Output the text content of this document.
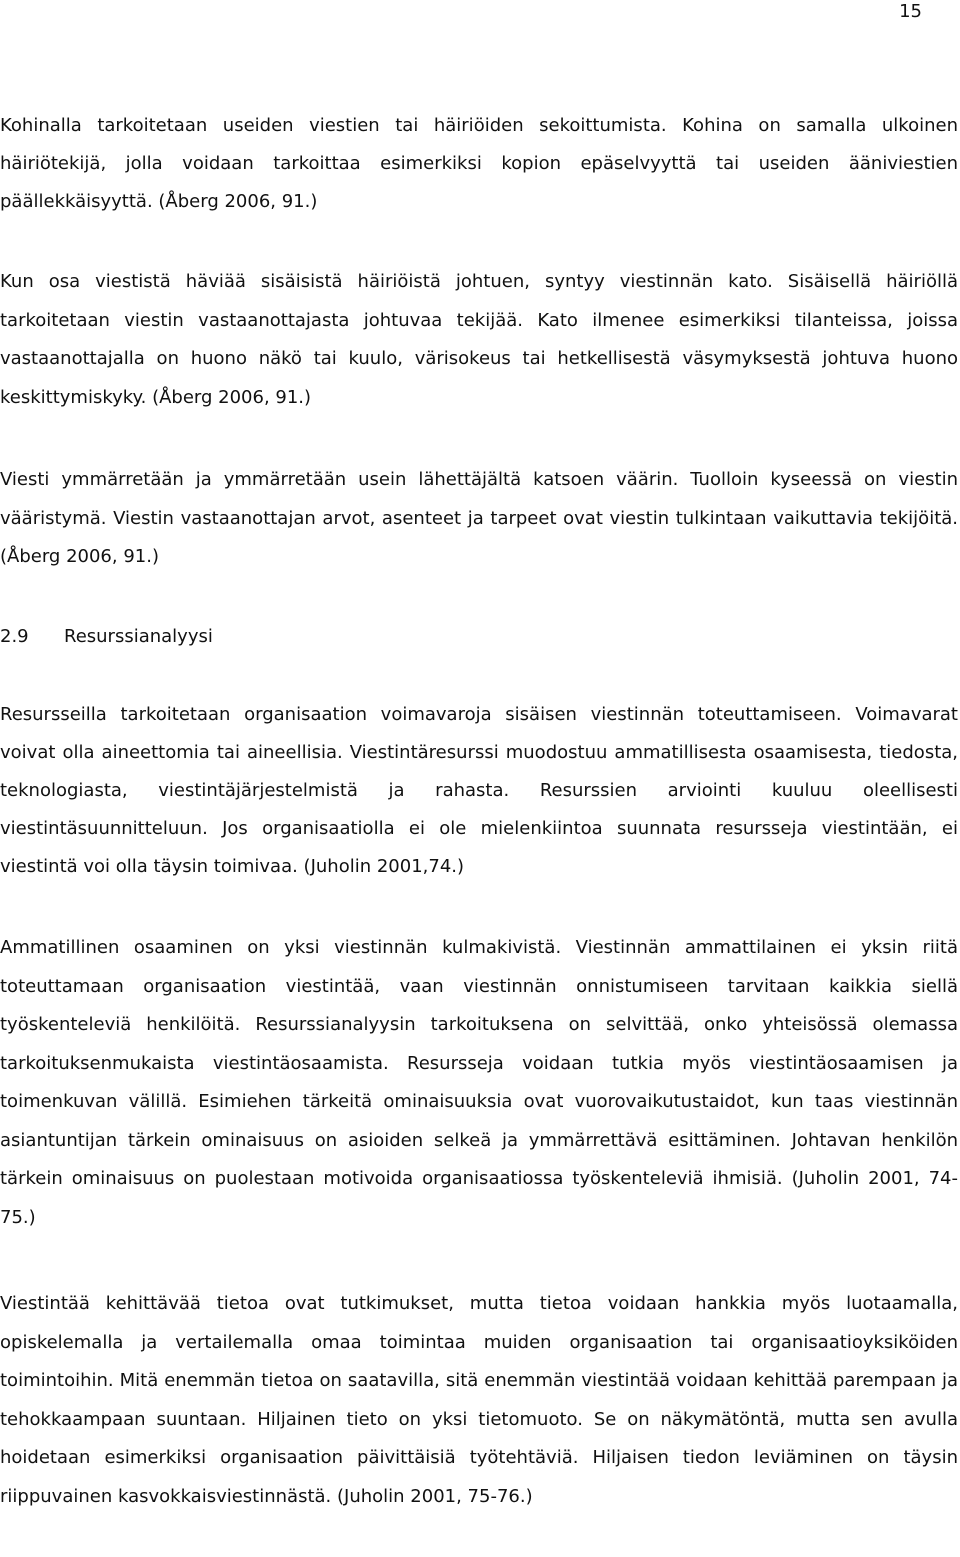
15

Kohinalla tarkoitetaan useiden viestien tai häiriöiden sekoittumista. Kohina on samalla ulkoinen häiriötekijä, jolla voidaan tarkoittaa esimerkiksi kopion epäselvyyttä tai useiden ääniviestien päällekkäisyyttä. (Åberg 2006, 91.)

Kun osa viestistä häviää sisäisistä häiriöistä johtuen, syntyy viestinnän kato. Sisäisellä häiriöllä tarkoitetaan viestin vastaanottajasta johtuvaa tekijää. Kato ilmenee esimerkiksi tilanteissa, joissa vastaanottajalla on huono näkö tai kuulo, värisokeus tai hetkellisestä väsymyksestä johtuva huono keskittymiskyky. (Åberg 2006, 91.)

Viesti ymmärretään ja ymmärretään usein lähettäjältä katsoen väärin. Tuolloin kyseessä on viestin vääristymä. Viestin vastaanottajan arvot, asenteet ja tarpeet ovat viestin tulkintaan vaikuttavia tekijöitä. (Åberg 2006, 91.)

2.9 Resurssianalyysi

Resursseilla tarkoitetaan organisaation voimavaroja sisäisen viestinnän toteuttamiseen. Voimavarat voivat olla aineettomia tai aineellisia. Viestintäresurssi muodostuu ammatillisesta osaamisesta, tiedosta, teknologiasta, viestintäjärjestelmistä ja rahasta. Resurssien arviointi kuuluu oleellisesti viestintäsuunnitteluun. Jos organisaatiolla ei ole mielenkiintoa suunnata resursseja viestintään, ei viestintä voi olla täysin toimivaa. (Juholin 2001,74.)

Ammatillinen osaaminen on yksi viestinnän kulmakivistä. Viestinnän ammattilainen ei yksin riitä toteuttamaan organisaation viestintää, vaan viestinnän onnistumiseen tarvitaan kaikkia siellä työskenteleviä henkilöitä. Resurssianalyysin tarkoituksena on selvittää, onko yhteisössä olemassa tarkoituksenmukaista viestintäosaamista. Resursseja voidaan tutkia myös viestintäosaamisen ja toimenkuvan välillä. Esimiehen tärkeitä ominaisuuksia ovat vuorovaikutustaidot, kun taas viestinnän asiantuntijan tärkein ominaisuus on asioiden selkeä ja ymmärrettävä esittäminen. Johtavan henkilön tärkein ominaisuus on puolestaan motivoida organisaatiossa työskenteleviä ihmisiä. (Juholin 2001, 74-75.)

Viestintää kehittävää tietoa ovat tutkimukset, mutta tietoa voidaan hankkia myös luotaamalla, opiskelemalla ja vertailemalla omaa toimintaa muiden organisaation tai organisaatioyksiköiden toimintoihin. Mitä enemmän tietoa on saatavilla, sitä enemmän viestintää voidaan kehittää parempaan ja tehokkaampaan suuntaan. Hiljainen tieto on yksi tietomuoto. Se on näkymätöntä, mutta sen avulla hoidetaan esimerkiksi organisaation päivittäisiä työtehtäviä. Hiljaisen tiedon leviäminen on täysin riippuvainen kasvokkaisviestinnästä. (Juholin 2001, 75-76.)
